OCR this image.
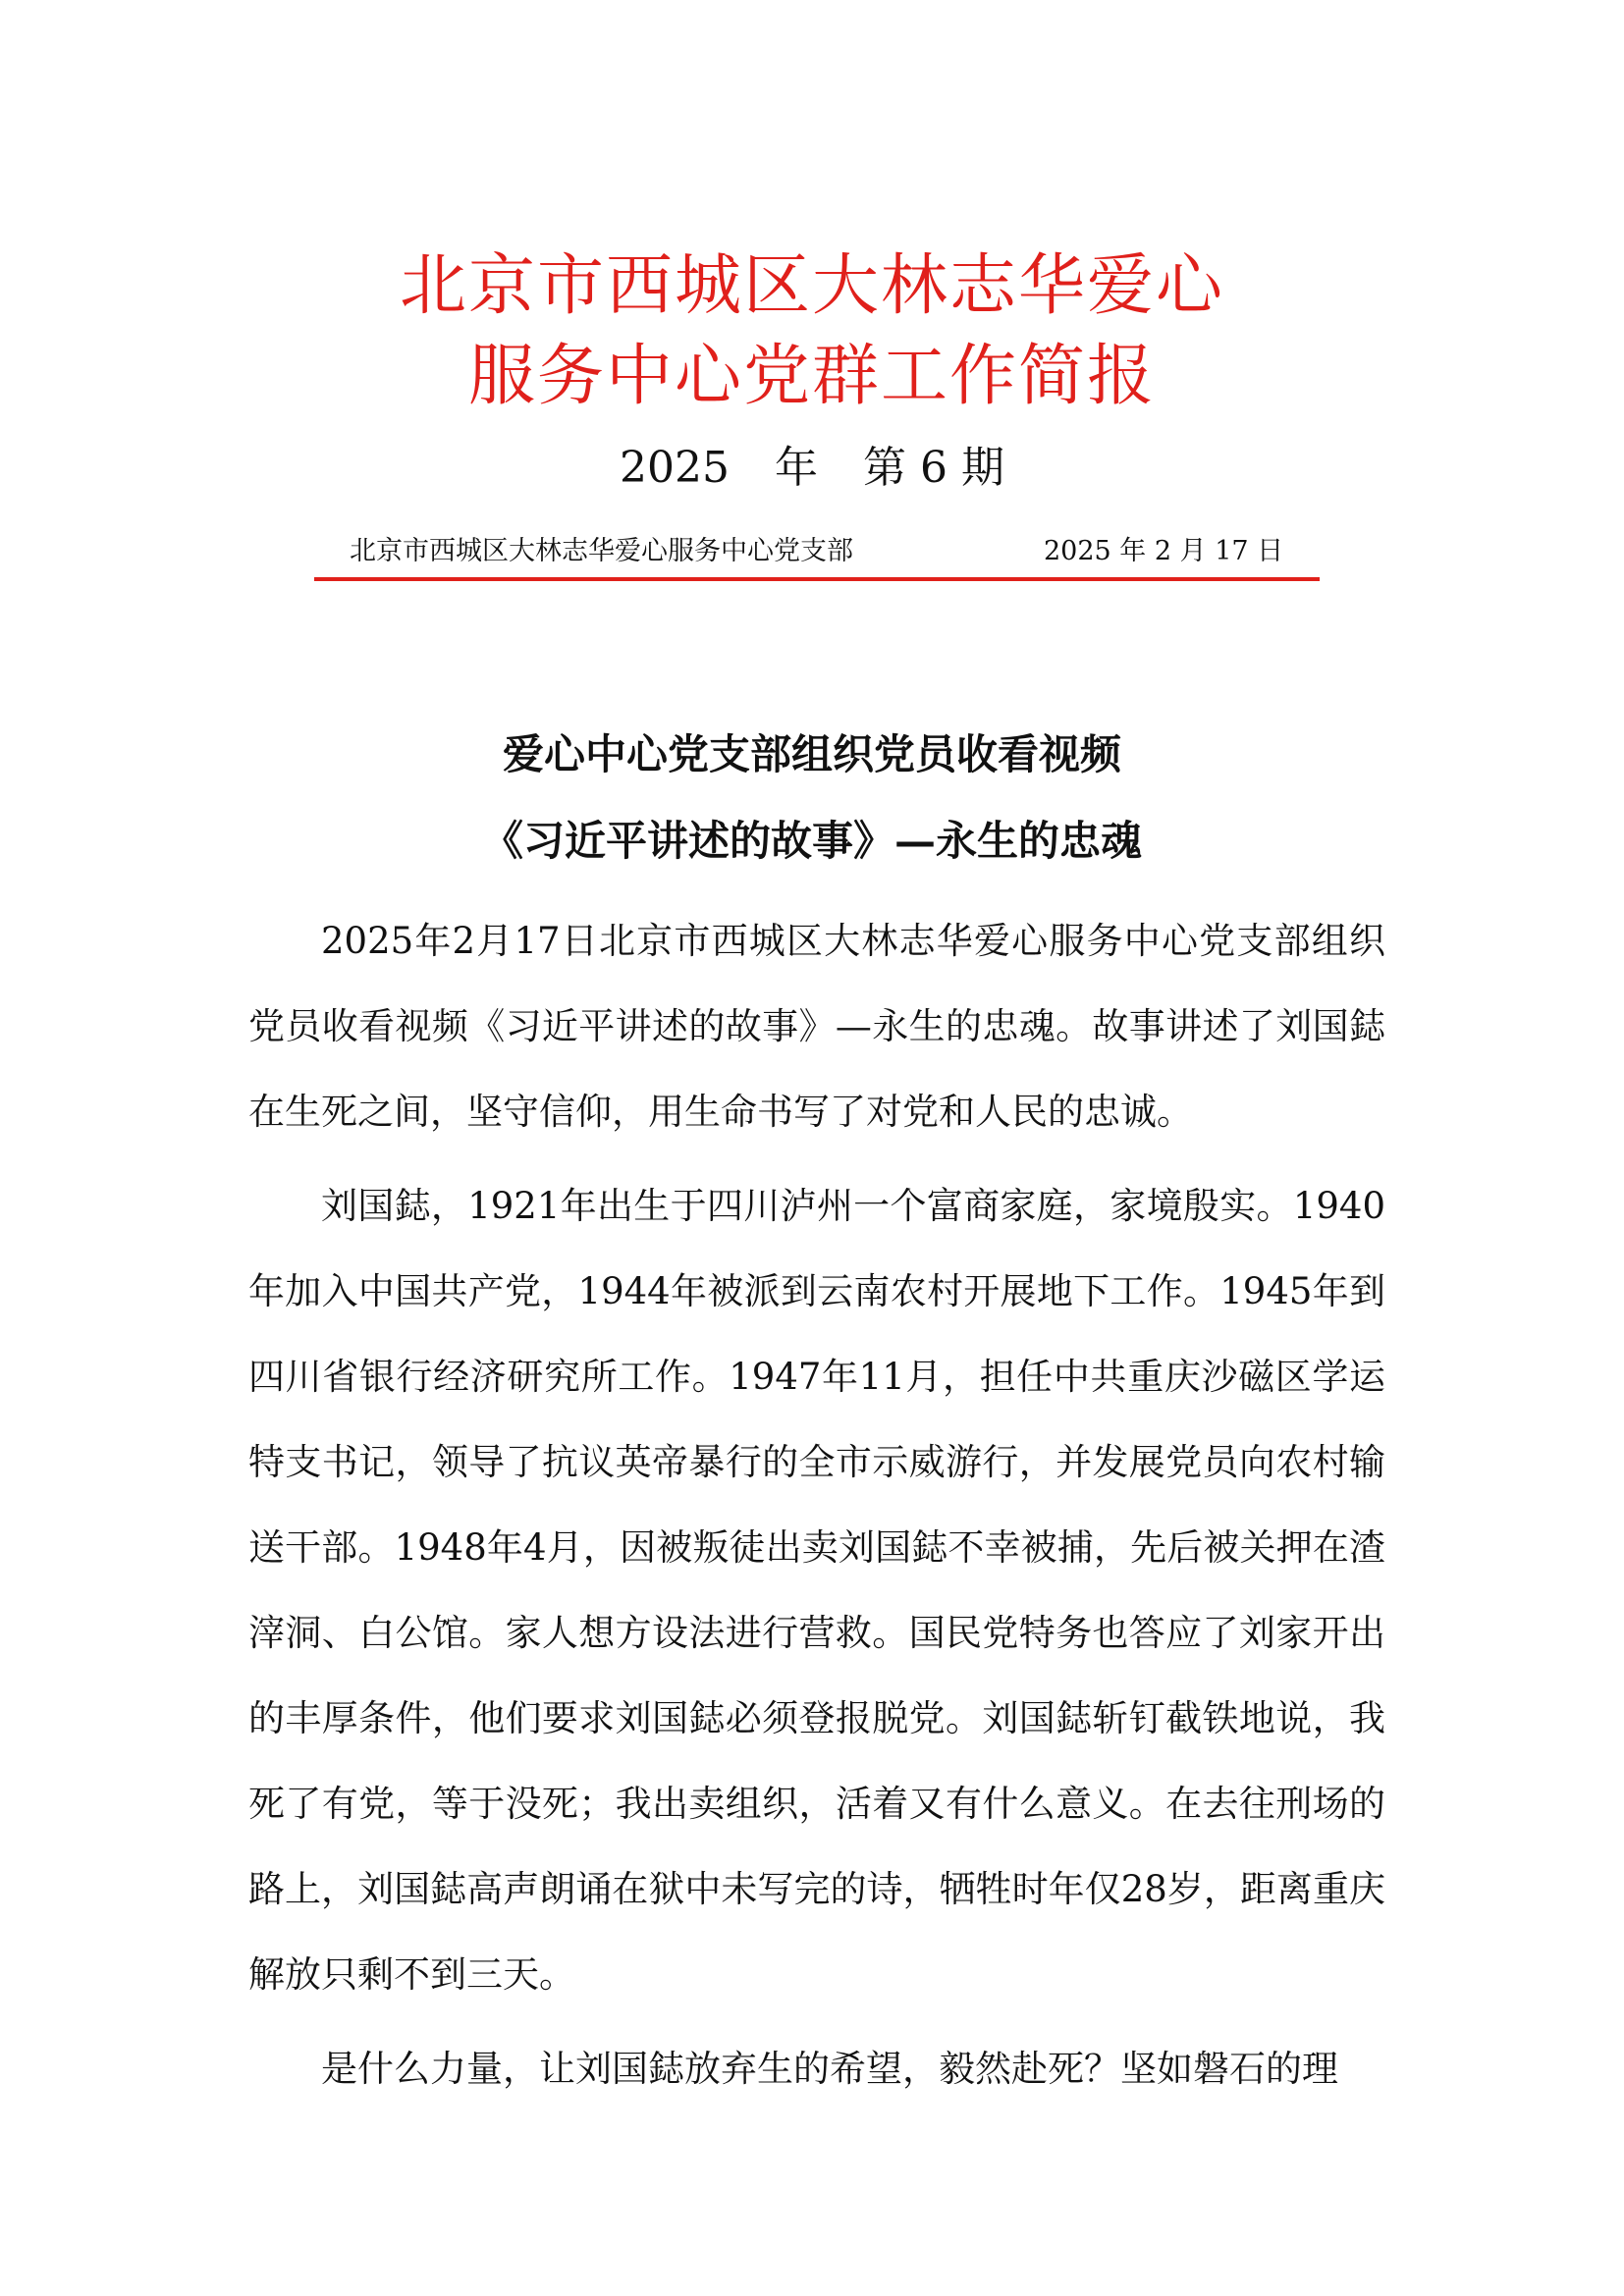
北京市西城区大林志华爱心
服务中心党群工作简报
2025 年 第 6 期
北京市西城区大林志华爱心服务中心党支部	2025 年 2 月 17 日
爱心中心党支部组织党员收看视频
《习近平讲述的故事》—永生的忠魂

2025年2月17日北京市西城区大林志华爱心服务中心党支部组织党员收看视频《习近平讲述的故事》—永生的忠魂。故事讲述了刘国鋕在生死之间，坚守信仰，用生命书写了对党和人民的忠诚。

刘国鋕，1921年出生于四川泸州一个富商家庭，家境殷实。1940年加入中国共产党，1944年被派到云南农村开展地下工作。1945年到四川省银行经济研究所工作。1947年11月，担任中共重庆沙磁区学运特支书记，领导了抗议英帝暴行的全市示威游行，并发展党员向农村输送干部。1948年4月，因被叛徒出卖刘国鋕不幸被捕，先后被关押在渣滓洞、白公馆。家人想方设法进行营救。国民党特务也答应了刘家开出的丰厚条件，他们要求刘国鋕必须登报脱党。刘国鋕斩钉截铁地说，我死了有党，等于没死；我出卖组织，活着又有什么意义。在去往刑场的路上，刘国鋕高声朗诵在狱中未写完的诗，牺牲时年仅28岁，距离重庆解放只剩不到三天。

是什么力量，让刘国鋕放弃生的希望，毅然赴死？坚如磐石的理
